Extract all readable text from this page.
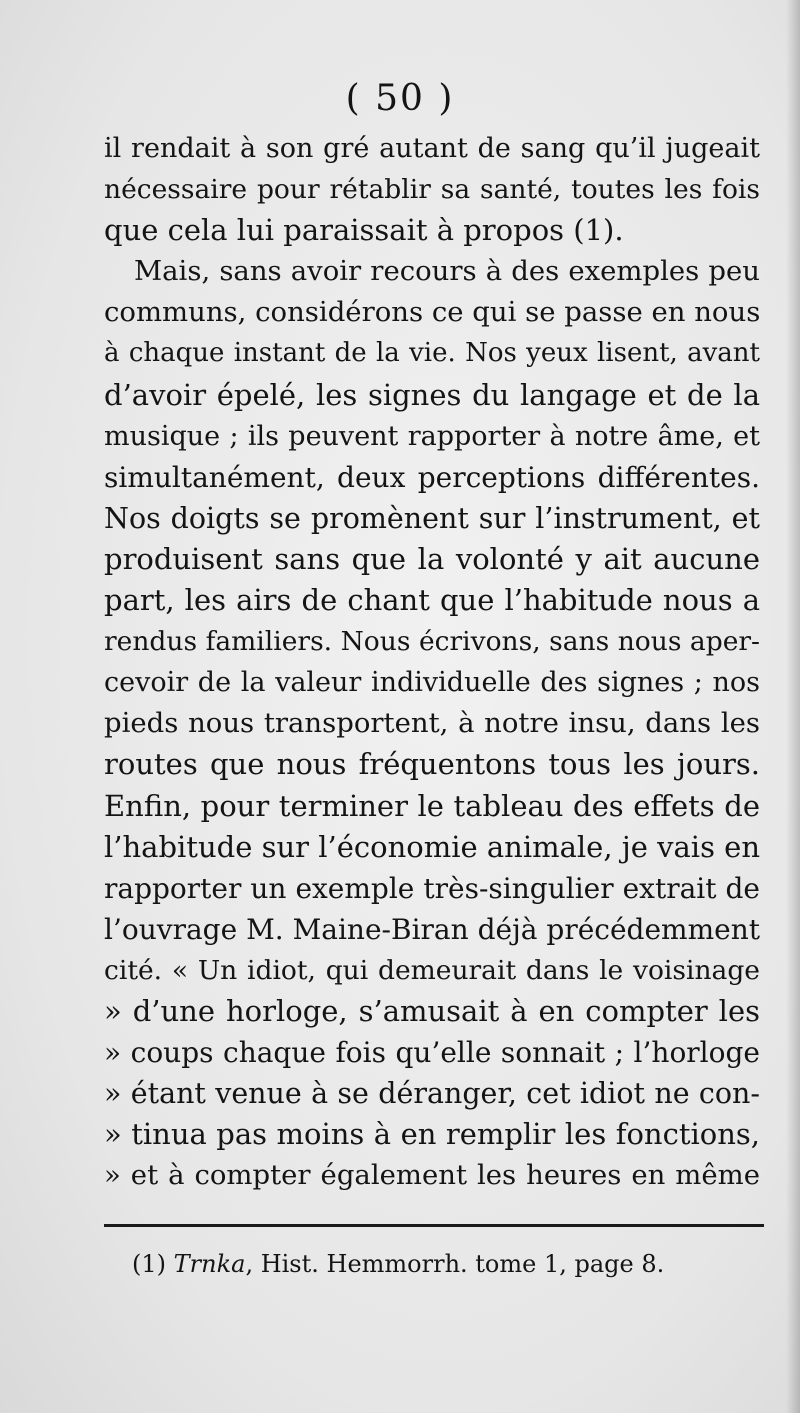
( 50 )
il rendait à son gré autant de sang qu’il jugeait
nécessaire pour rétablir sa santé, toutes les fois
que cela lui paraissait à propos (1).
Mais, sans avoir recours à des exemples peu
communs, considérons ce qui se passe en nous
à chaque instant de la vie. Nos yeux lisent, avant
d’avoir épelé, les signes du langage et de la
musique ; ils peuvent rapporter à notre âme, et
simultanément, deux perceptions différentes.
Nos doigts se promènent sur l’instrument, et
produisent sans que la volonté y ait aucune
part, les airs de chant que l’habitude nous a
rendus familiers. Nous écrivons, sans nous aper-
cevoir de la valeur individuelle des signes ; nos
pieds nous transportent, à notre insu, dans les
routes que nous fréquentons tous les jours.
Enfin, pour terminer le tableau des effets de
l’habitude sur l’économie animale, je vais en
rapporter un exemple très-singulier extrait de
l’ouvrage M. Maine-Biran déjà précédemment
cité. « Un idiot, qui demeurait dans le voisinage
» d’une horloge, s’amusait à en compter les
» coups chaque fois qu’elle sonnait ; l’horloge
» étant venue à se déranger, cet idiot ne con-
» tinua pas moins à en remplir les fonctions,
» et à compter également les heures en même
(1) Trnka, Hist. Hemmorrh. tome 1, page 8.
